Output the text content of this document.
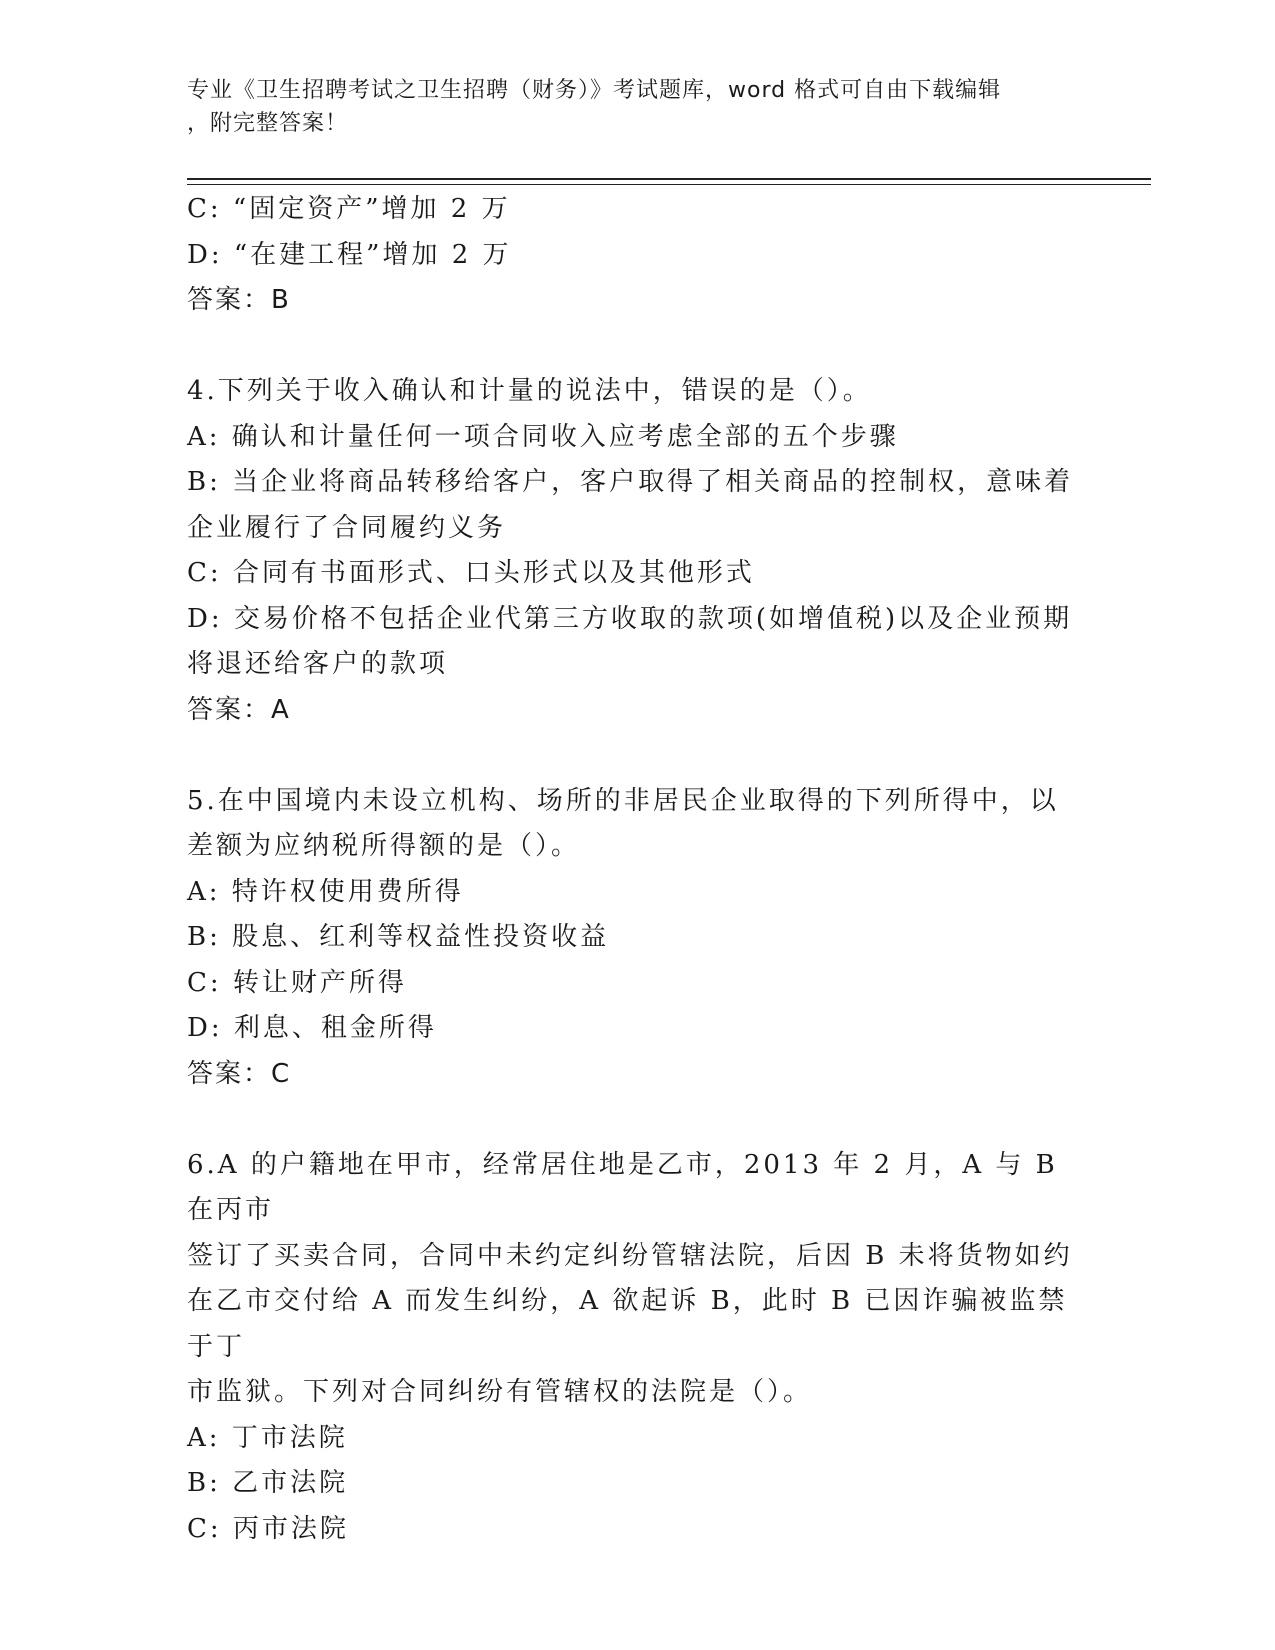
专业《卫生招聘考试之卫生招聘（财务）》考试题库，word 格式可自由下载编辑
，附完整答案！

C: “固定资产”增加 2 万

D: “在建工程”增加 2 万

答案：B

4.下列关于收入确认和计量的说法中，错误的是（）。

A: 确认和计量任何一项合同收入应考虑全部的五个步骤

B: 当企业将商品转移给客户，客户取得了相关商品的控制权，意味着

企业履行了合同履约义务

C: 合同有书面形式、口头形式以及其他形式

D: 交易价格不包括企业代第三方收取的款项(如增值税)以及企业预期

将退还给客户的款项

答案：A

5.在中国境内未设立机构、场所的非居民企业取得的下列所得中，以

差额为应纳税所得额的是（）。

A: 特许权使用费所得

B: 股息、红利等权益性投资收益

C: 转让财产所得

D: 利息、租金所得

答案：C

6.A 的户籍地在甲市，经常居住地是乙市，2013 年 2 月，A 与 B 在丙市

签订了买卖合同，合同中未约定纠纷管辖法院，后因 B 未将货物如约

在乙市交付给 A 而发生纠纷，A 欲起诉 B，此时 B 已因诈骗被监禁于丁

市监狱。下列对合同纠纷有管辖权的法院是（）。

A: 丁市法院

B: 乙市法院

C: 丙市法院
